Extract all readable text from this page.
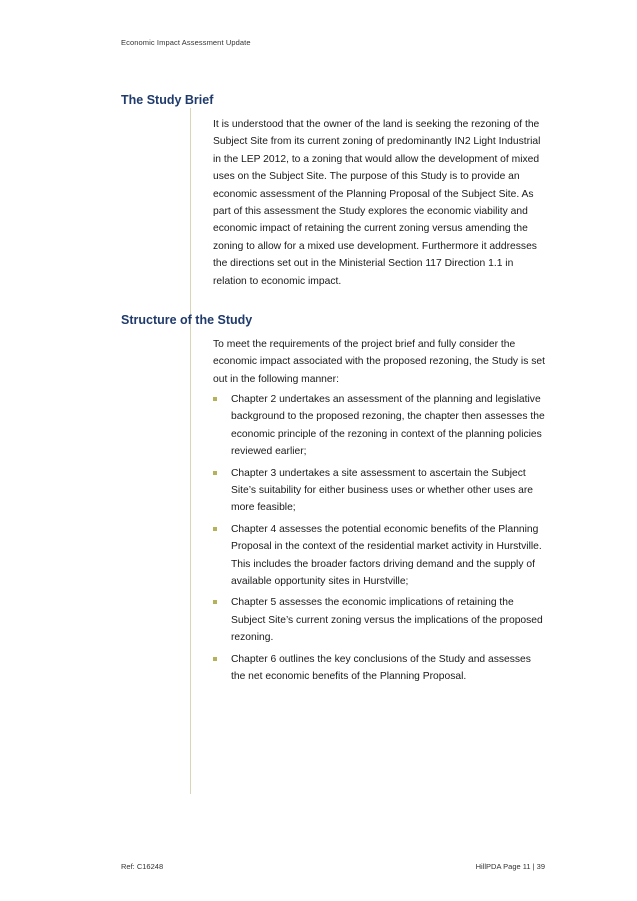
Economic Impact Assessment Update
The Study Brief

It is understood that the owner of the land is seeking the rezoning of the Subject Site from its current zoning of predominantly IN2 Light Industrial in the LEP 2012, to a zoning that would allow the development of mixed uses on the Subject Site. The purpose of this Study is to provide an economic assessment of the Planning Proposal of the Subject Site. As part of this assessment the Study explores the economic viability and economic impact of retaining the current zoning versus amending the zoning to allow for a mixed use development. Furthermore it addresses the directions set out in the Ministerial Section 117 Direction 1.1 in relation to economic impact.

Structure of the Study

To meet the requirements of the project brief and fully consider the economic impact associated with the proposed rezoning, the Study is set out in the following manner:

Chapter 2 undertakes an assessment of the planning and legislative background to the proposed rezoning, the chapter then assesses the economic principle of the rezoning in context of the planning policies reviewed earlier;
Chapter 3 undertakes a site assessment to ascertain the Subject Site’s suitability for either business uses or whether other uses are more feasible;
Chapter 4 assesses the potential economic benefits of the Planning Proposal in the context of the residential market activity in Hurstville. This includes the broader factors driving demand and the supply of available opportunity sites in Hurstville;
Chapter 5 assesses the economic implications of retaining the Subject Site’s current zoning versus the implications of the proposed rezoning.
Chapter 6 outlines the key conclusions of the Study and assesses the net economic benefits of the Planning Proposal.
Ref: C16248	HillPDA Page 11 | 39
